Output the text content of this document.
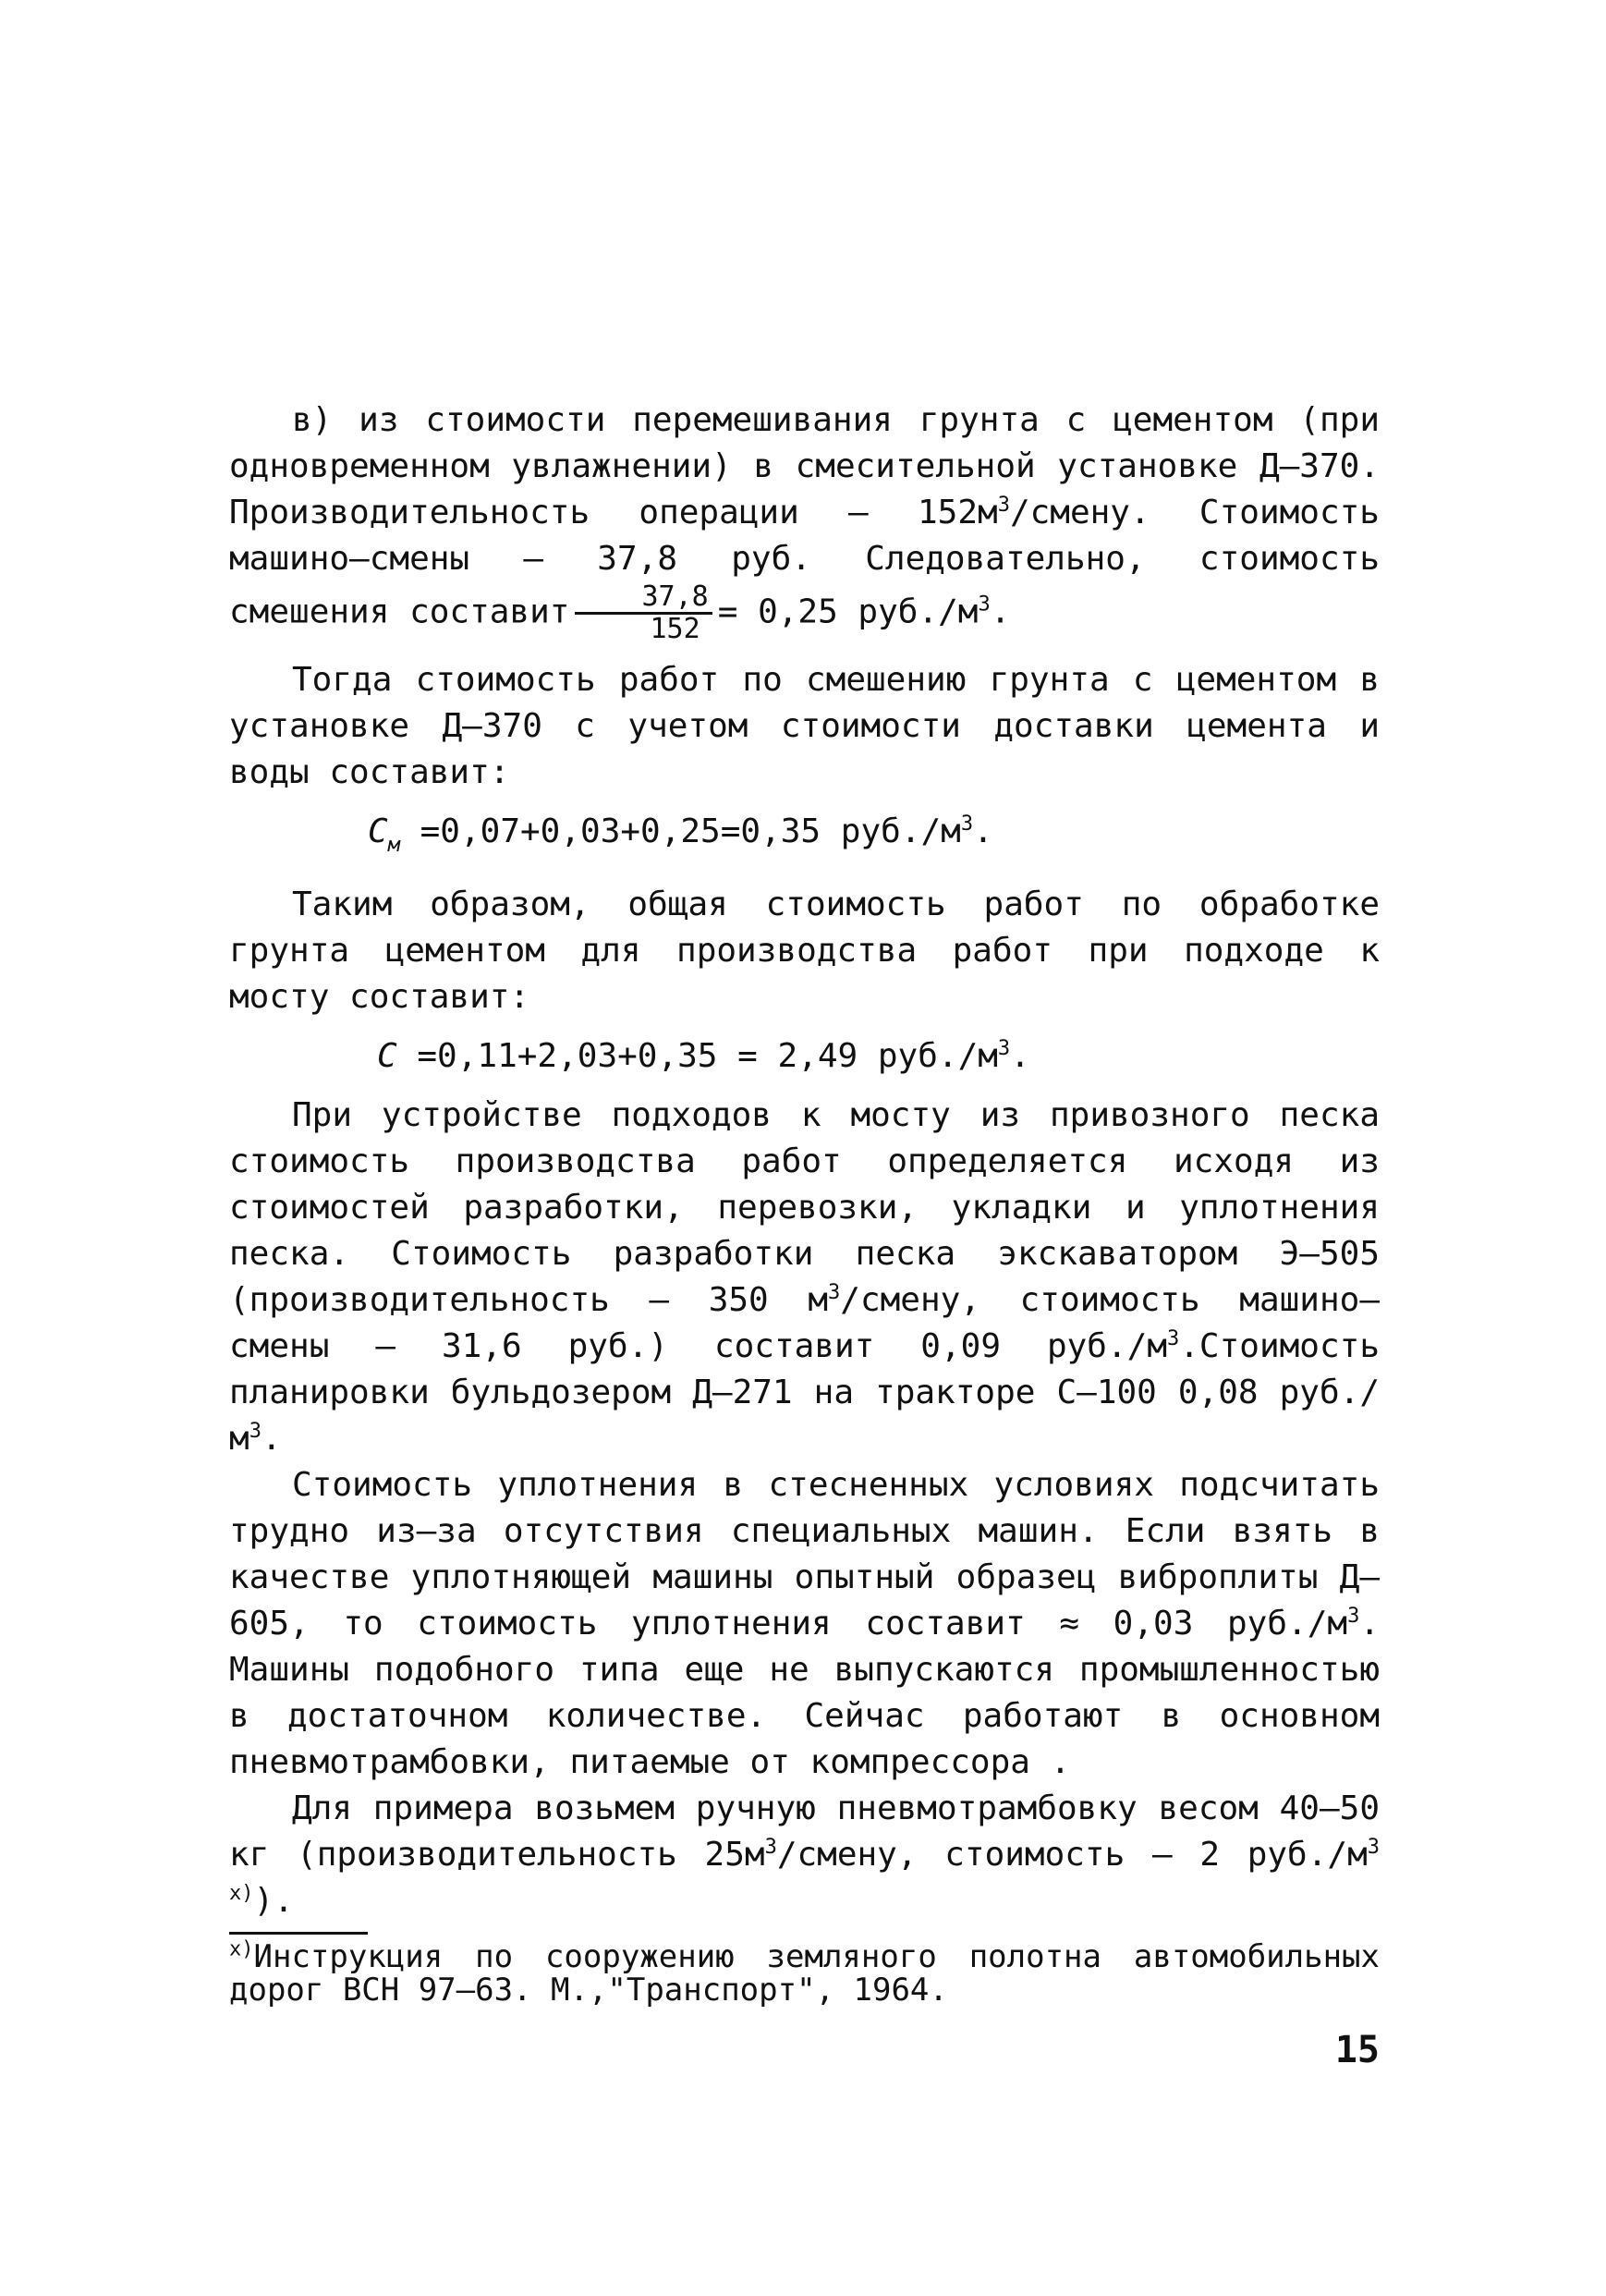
в) из стоимости перемешивания грунта с цементом (при одновременном увлажнении) в смесительной установке Д–370. Производительность операции – $152м^3$/смену. Стоимость машино–смены – 37,8 руб. Следовательно, стоимость смешения составит $\frac{37,8}{152} = 0,25$ $руб./м^3$.

Тогда стоимость работ по смешению грунта с цементом в установке Д–370 с учетом стоимости доставки цемента и воды составит:

$C_м =0,07+0,03+0,25=0,35$ $руб./м^3$.

Таким образом, общая стоимость работ по обработке грунта цементом для производства работ при подходе к мосту составит:

C =0,11+2,03+0,35 = 2,49 $руб./м^3$.

При устройстве подходов к мосту из привозного песка стоимость производства работ определяется исходя из стоимостей разработки, перевозки, укладки и уплотнения песка. Стоимость разработки песка экскаватором Э–505 (производительность – 350 $м^3$/смену, стоимость машино–смены – 31,6 руб.) составит 0,09 $руб./м^3.Стоимость$ планировки бульдозером Д–271 на тракторе С–100 0,08 $руб./м^3$.

Стоимость уплотнения в стесненных условиях подсчитать трудно из–за отсутствия специальных машин. Если взять в качестве уплотняющей машины опытный образец виброплиты Д–605, то стоимость уплотнения составит ≈ 0,03 $руб./м^3$. Машины подобного типа еще не выпускаются промышленностью в достаточном количестве. Сейчас работают в основном пневмотрамбовки, питаемые от компрессора .

Для примера возьмем ручную пневмотрамбовку весом 40–50 кг (производительность $25м^3$/смену, стоимость – 2 $руб./м^3$ $^{х)}$).

$^{х)}$Инструкция по сооружению земляного полотна автомобильных дорог ВСН 97–63. М.,"Транспорт", 1964.

15
